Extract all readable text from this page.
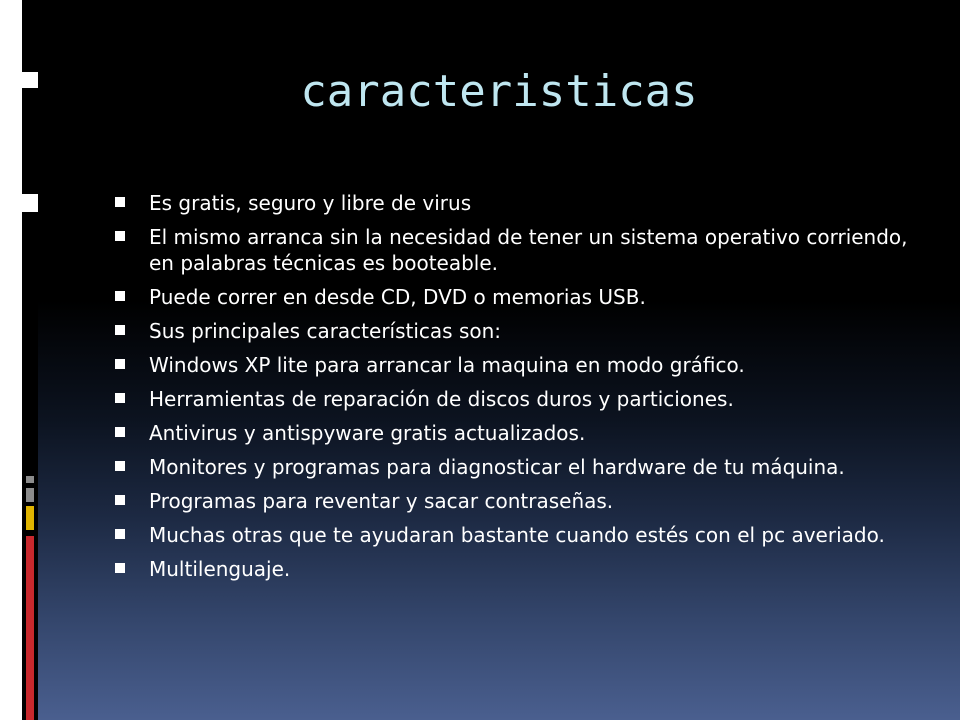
caracteristicas
Es gratis, seguro y libre de virus
El mismo arranca sin la necesidad de tener un sistema operativo corriendo, en palabras técnicas es booteable.
Puede correr en desde CD, DVD o memorias USB.
Sus principales características son:
Windows XP lite para arrancar la maquina en modo gráfico.
Herramientas de reparación de discos duros y particiones.
Antivirus y antispyware gratis actualizados.
Monitores y programas para diagnosticar el hardware de tu máquina.
Programas para reventar y sacar contraseñas.
Muchas otras que te ayudaran bastante cuando estés con el pc averiado.
Multilenguaje.
